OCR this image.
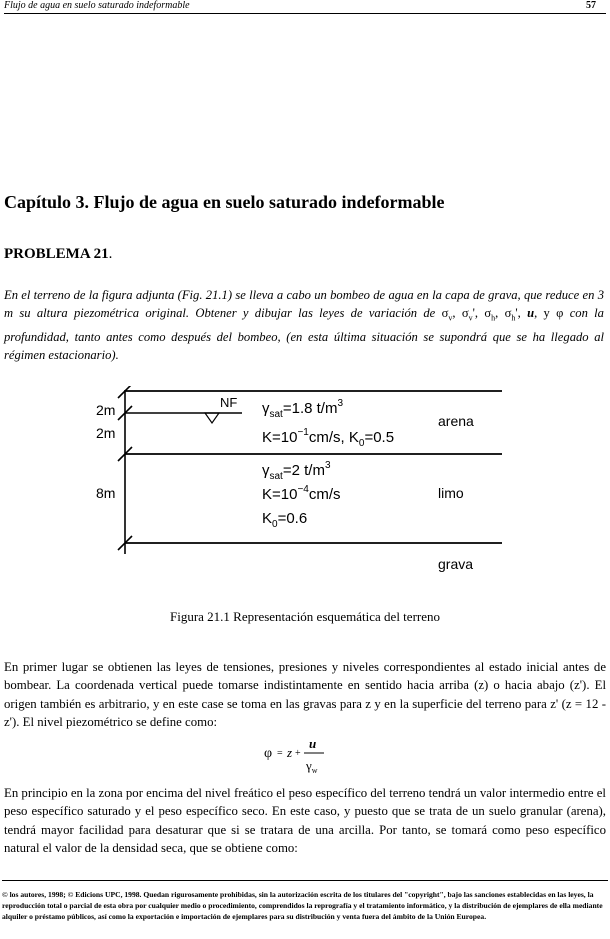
Flujo de agua en suelo saturado indeformable	57
Capítulo 3. Flujo de agua en suelo saturado indeformable

PROBLEMA 21.

En el terreno de la figura adjunta (Fig. 21.1) se lleva a cabo un bombeo de agua en la capa de grava, que reduce en 3 m su altura piezométrica original. Obtener y dibujar las leyes de variación de $\sigma_v$, $\sigma_v'$, $\sigma_h$, $\sigma_h'$, u, y φ con la profundidad, tanto antes como después del bombeo, (en esta última situación se supondrá que se ha llegado al régimen estacionario).

2m
2m
8m
NF $\gamma_{sat}=1.8$ $t/m^3$
$K=10^{-1}cm/s$, $K_0=0.5$
arena
$\gamma_{sat}=2$ $t/m^3$
$K=10^{-4}cm/s$
$K_0=0.6$
limo
grava
Figura 21.1 Representación esquemática del terreno

En primer lugar se obtienen las leyes de tensiones, presiones y niveles correspondientes al estado inicial antes de bombear. La coordenada vertical puede tomarse indistintamente en sentido hacia arriba (z) o hacia abajo (z'). El origen también es arbitrario, y en este case se toma en las gravas para z y en la superficie del terreno para z' (z = 12 - z'). El nivel piezométrico se define como:

φ = z +
u
$\gamma_w$

En principio en la zona por encima del nivel freático el peso específico del terreno tendrá un valor intermedio entre el peso específico saturado y el peso específico seco. En este caso, y puesto que se trata de un suelo granular (arena), tendrá mayor facilidad para desaturar que si se tratara de una arcilla. Por tanto, se tomará como peso específico natural el valor de la densidad seca, que se obtiene como:

© los autores, 1998; © Edicions UPC, 1998. Quedan rigurosamente prohibidas, sin la autorización escrita de los titulares del "copyright", bajo las sanciones establecidas en las leyes, la reproducción total o parcial de esta obra por cualquier medio o procedimiento, comprendidos la reprografía y el tratamiento informático, y la distribución de ejemplares de ella mediante alquiler o préstamo públicos, así como la exportación e importación de ejemplares para su distribución y venta fuera del ámbito de la Unión Europea.
